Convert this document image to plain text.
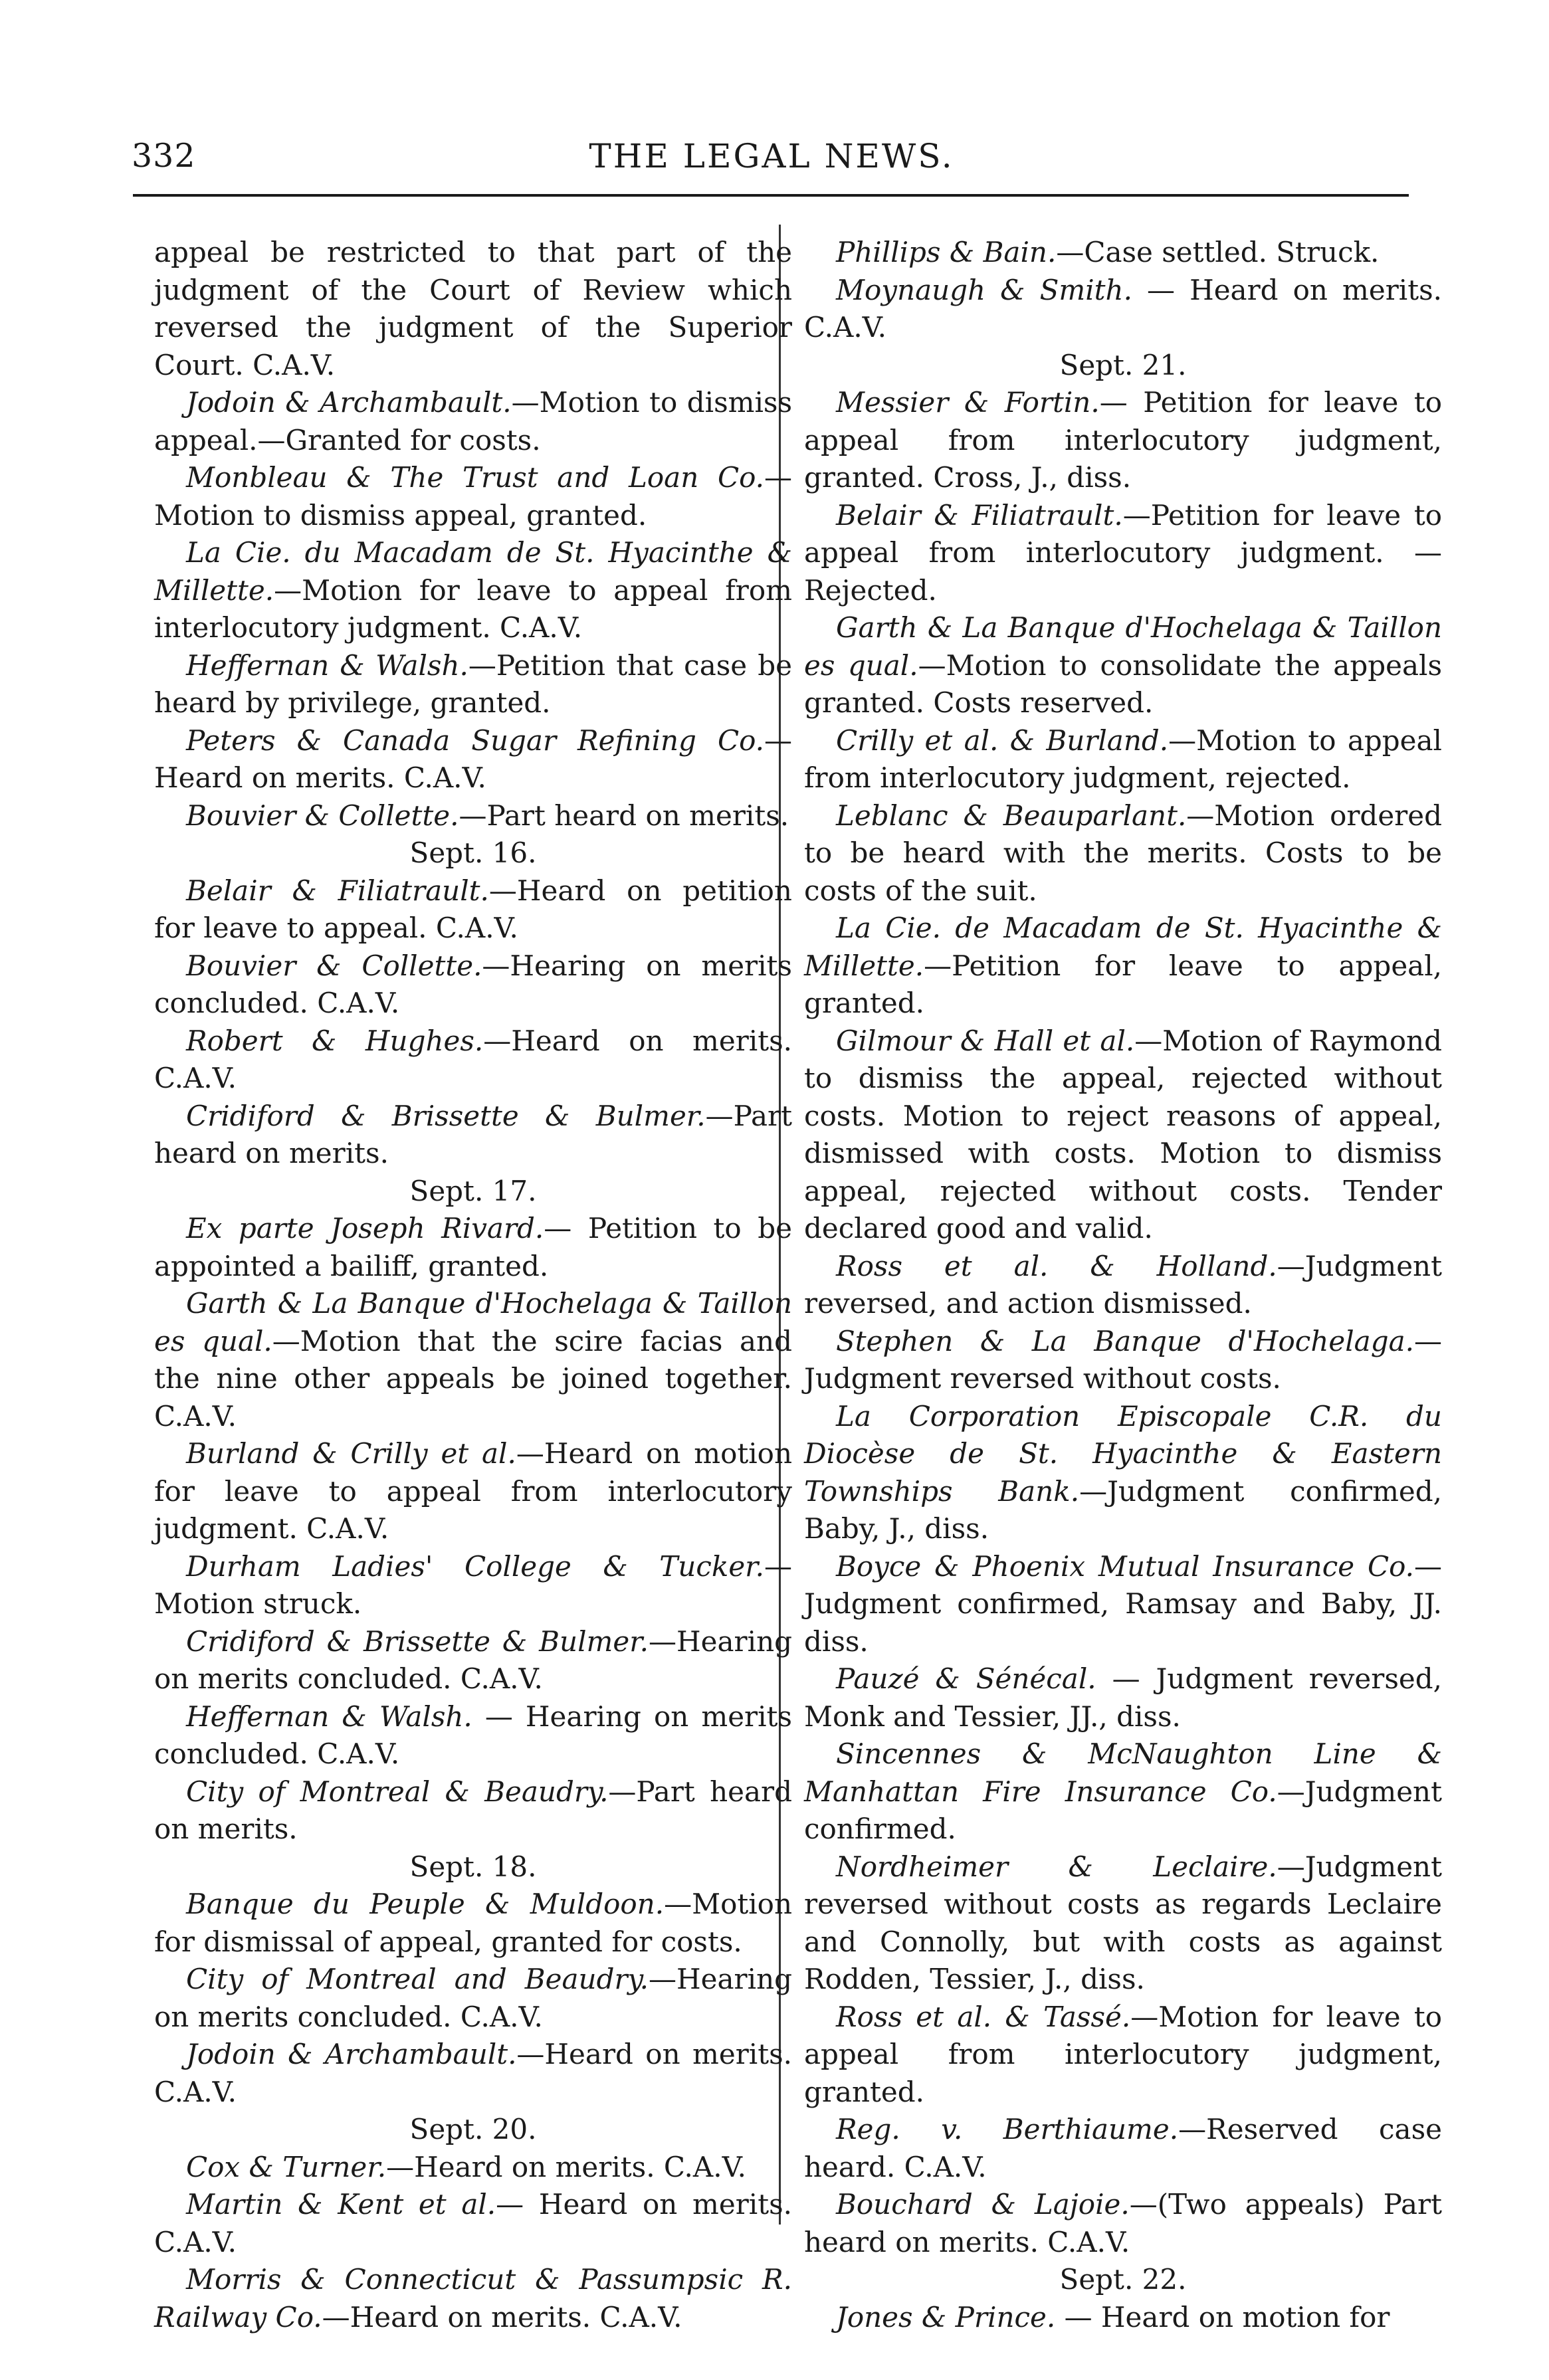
332	THE LEGAL NEWS.

appeal be restricted to that part of the judgment of the Court of Review which reversed the judgment of the Superior Court. C.A.V.

Jodoin & Archambault.—Motion to dismiss appeal.—Granted for costs.

Monbleau & The Trust and Loan Co.—Motion to dismiss appeal, granted.

La Cie. du Macadam de St. Hyacinthe & Millette.—Motion for leave to appeal from interlocutory judgment. C.A.V.

Heffernan & Walsh.—Petition that case be heard by privilege, granted.

Peters & Canada Sugar Refining Co.—Heard on merits. C.A.V.

Bouvier & Collette.—Part heard on merits.

Sept. 16.

Belair & Filiatrault.—Heard on petition for leave to appeal. C.A.V.

Bouvier & Collette.—Hearing on merits concluded. C.A.V.

Robert & Hughes.—Heard on merits. C.A.V.

Cridiford & Brissette & Bulmer.—Part heard on merits.

Sept. 17.

Ex parte Joseph Rivard.— Petition to be appointed a bailiff, granted.

Garth & La Banque d'Hochelaga & Taillon es qual.—Motion that the scire facias and the nine other appeals be joined together. C.A.V.

Burland & Crilly et al.—Heard on motion for leave to appeal from interlocutory judgment. C.A.V.

Durham Ladies' College & Tucker.—Motion struck.

Cridiford & Brissette & Bulmer.—Hearing on merits concluded. C.A.V.

Heffernan & Walsh. — Hearing on merits concluded. C.A.V.

City of Montreal & Beaudry.—Part heard on merits.

Sept. 18.

Banque du Peuple & Muldoon.—Motion for dismissal of appeal, granted for costs.

City of Montreal and Beaudry.—Hearing on merits concluded. C.A.V.

Jodoin & Archambault.—Heard on merits. C.A.V.

Sept. 20.

Cox & Turner.—Heard on merits. C.A.V.

Martin & Kent et al.— Heard on merits. C.A.V.

Morris & Connecticut & Passumpsic R. Railway Co.—Heard on merits. C.A.V.

Phillips & Bain.—Case settled. Struck.

Moynaugh & Smith. — Heard on merits. C.A.V.

Sept. 21.

Messier & Fortin.— Petition for leave to appeal from interlocutory judgment, granted. Cross, J., diss.

Belair & Filiatrault.—Petition for leave to appeal from interlocutory judgment. — Rejected.

Garth & La Banque d'Hochelaga & Taillon es qual.—Motion to consolidate the appeals granted. Costs reserved.

Crilly et al. & Burland.—Motion to appeal from interlocutory judgment, rejected.

Leblanc & Beauparlant.—Motion ordered to be heard with the merits. Costs to be costs of the suit.

La Cie. de Macadam de St. Hyacinthe & Millette.—Petition for leave to appeal, granted.

Gilmour & Hall et al.—Motion of Raymond to dismiss the appeal, rejected without costs. Motion to reject reasons of appeal, dismissed with costs. Motion to dismiss appeal, rejected without costs. Tender declared good and valid.

Ross et al. & Holland.—Judgment reversed, and action dismissed.

Stephen & La Banque d'Hochelaga.—Judgment reversed without costs.

La Corporation Episcopale C.R. du Diocèse de St. Hyacinthe & Eastern Townships Bank.—Judgment confirmed, Baby, J., diss.

Boyce & Phoenix Mutual Insurance Co.—Judgment confirmed, Ramsay and Baby, JJ. diss.

Pauzé & Sénécal. — Judgment reversed, Monk and Tessier, JJ., diss.

Sincennes & McNaughton Line & Manhattan Fire Insurance Co.—Judgment confirmed.

Nordheimer & Leclaire.—Judgment reversed without costs as regards Leclaire and Connolly, but with costs as against Rodden, Tessier, J., diss.

Ross et al. & Tassé.—Motion for leave to appeal from interlocutory judgment, granted.

Reg. v. Berthiaume.—Reserved case heard. C.A.V.

Bouchard & Lajoie.—(Two appeals) Part heard on merits. C.A.V.

Sept. 22.

Jones & Prince. — Heard on motion for
